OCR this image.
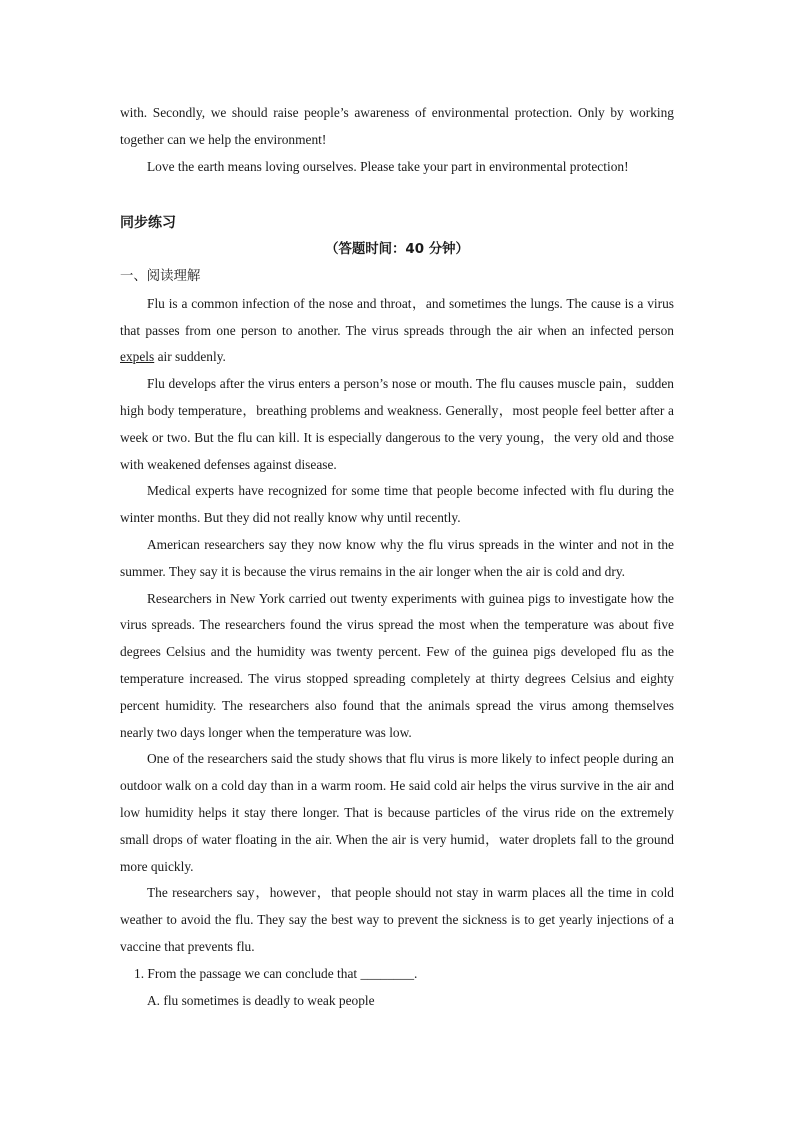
with. Secondly, we should raise people’s awareness of environmental protection. Only by working together can we help the environment!

Love the earth means loving ourselves. Please take your part in environmental protection!

同步练习
（答题时间：40 分钟）
一、阅读理解

Flu is a common infection of the nose and throat，and sometimes the lungs. The cause is a virus that passes from one person to another. The virus spreads through the air when an infected person expels air suddenly.

Flu develops after the virus enters a person’s nose or mouth. The flu causes muscle pain，sudden high body temperature，breathing problems and weakness. Generally，most people feel better after a week or two. But the flu can kill. It is especially dangerous to the very young，the very old and those with weakened defenses against disease.

Medical experts have recognized for some time that people become infected with flu during the winter months. But they did not really know why until recently.

American researchers say they now know why the flu virus spreads in the winter and not in the summer. They say it is because the virus remains in the air longer when the air is cold and dry.

Researchers in New York carried out twenty experiments with guinea pigs to investigate how the virus spreads. The researchers found the virus spread the most when the temperature was about five degrees Celsius and the humidity was twenty percent. Few of the guinea pigs developed flu as the temperature increased. The virus stopped spreading completely at thirty degrees Celsius and eighty percent humidity. The researchers also found that the animals spread the virus among themselves nearly two days longer when the temperature was low.

One of the researchers said the study shows that flu virus is more likely to infect people during an outdoor walk on a cold day than in a warm room. He said cold air helps the virus survive in the air and low humidity helps it stay there longer. That is because particles of the virus ride on the extremely small drops of water floating in the air. When the air is very humid，water droplets fall to the ground more quickly.

The researchers say，however，that people should not stay in warm places all the time in cold weather to avoid the flu. They say the best way to prevent the sickness is to get yearly injections of a vaccine that prevents flu.

1. From the passage we can conclude that ________.
A. flu sometimes is deadly to weak people
